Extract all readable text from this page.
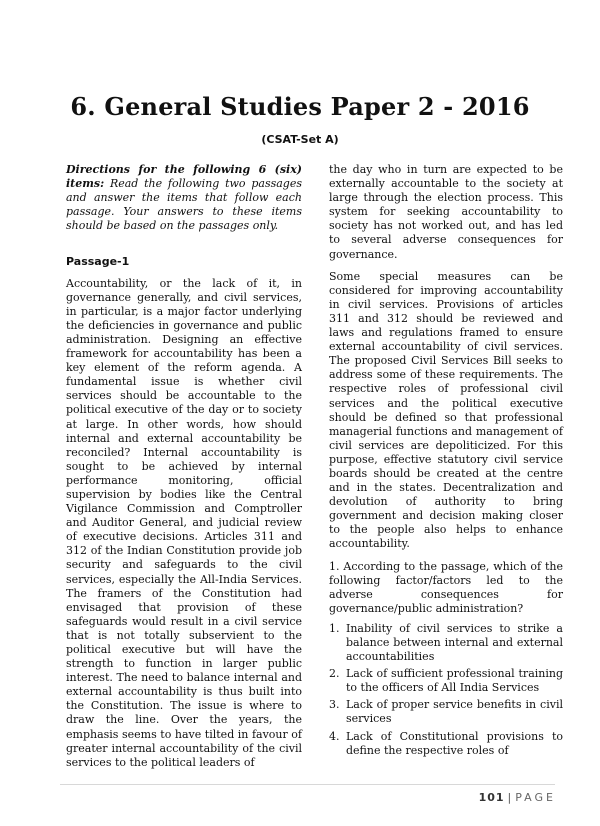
6. General Studies Paper 2 - 2016
(CSAT-Set A)
Directions for the following 6 (six) items: Read the following two passages and answer the items that follow each passage. Your answers to these items should be based on the passages only.
Passage-1

Accountability, or the lack of it, in governance generally, and civil services, in particular, is a major factor underlying the deficiencies in governance and public administration. Designing an effective framework for accountability has been a key element of the reform agenda. A fundamental issue is whether civil services should be accountable to the political executive of the day or to society at large. In other words, how should internal and external accountability be reconciled? Internal accountability is sought to be achieved by internal performance monitoring, official supervision by bodies like the Central Vigilance Commission and Comptroller and Auditor General, and judicial review of executive decisions. Articles 311 and 312 of the Indian Constitution provide job security and safeguards to the civil services, especially the All-India Services. The framers of the Constitution had envisaged that provision of these safeguards would result in a civil service that is not totally subservient to the political executive but will have the strength to function in larger public interest. The need to balance internal and external accountability is thus built into the Constitution. The issue is where to draw the line. Over the years, the emphasis seems to have tilted in favour of greater internal accountability of the civil services to the political leaders of

the day who in turn are expected to be externally accountable to the society at large through the election process. This system for seeking accountability to society has not worked out, and has led to several adverse consequences for governance.

Some special measures can be considered for improving accountability in civil services. Provisions of articles 311 and 312 should be reviewed and laws and regulations framed to ensure external accountability of civil services. The proposed Civil Services Bill seeks to address some of these requirements. The respective roles of professional civil services and the political executive should be defined so that professional managerial functions and management of civil services are depoliticized. For this purpose, effective statutory civil service boards should be created at the centre and in the states. Decentralization and devolution of authority to bring government and decision making closer to the people also helps to enhance accountability.

1. According to the passage, which of the following factor/factors led to the adverse consequences for governance/public administration?

1. Inability of civil services to strike a balance between internal and external accountabilities
2. Lack of sufficient professional training to the officers of All India Services
3. Lack of proper service benefits in civil services
4. Lack of Constitutional provisions to define the respective roles of
101 | PAGE
